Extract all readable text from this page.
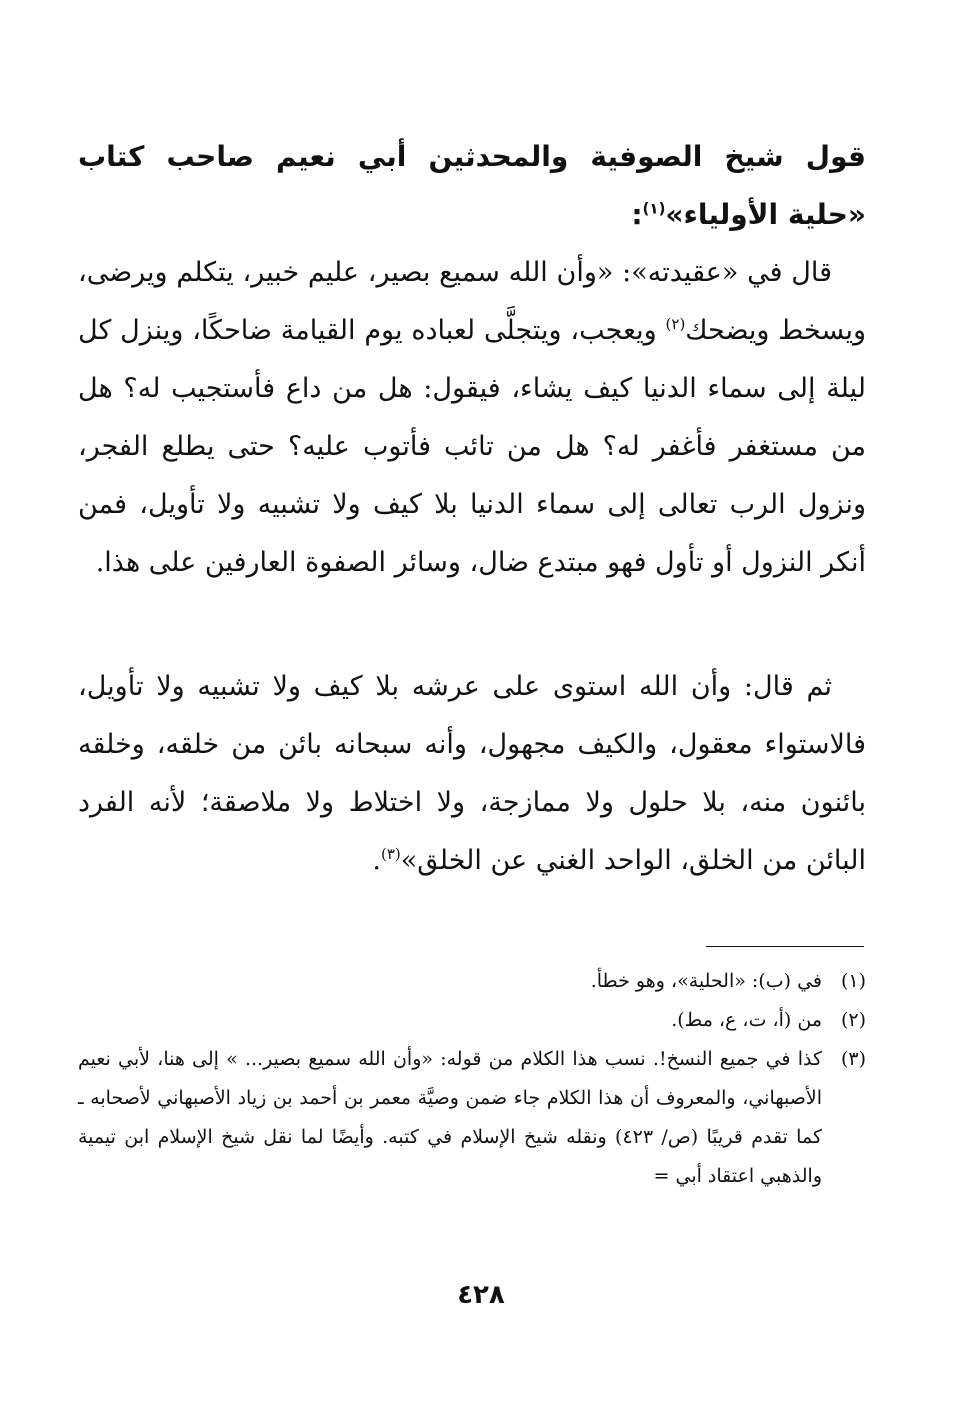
قول شيخ الصوفية والمحدثين أبي نعيم صاحب كتاب «حلية الأولياء»$^{(١)}$:
قال في «عقيدته»: «وأن الله سميع بصير، عليم خبير، يتكلم ويرضى، ويسخط ويضحك$^{(٢)}$ ويعجب، ويتجلَّى لعباده يوم القيامة ضاحكًا، وينزل كل ليلة إلى سماء الدنيا كيف يشاء، فيقول: هل من داع فأستجيب له؟ هل من مستغفر فأغفر له؟ هل من تائب فأتوب عليه؟ حتى يطلع الفجر، ونزول الرب تعالى إلى سماء الدنيا بلا كيف ولا تشبيه ولا تأويل، فمن أنكر النزول أو تأول فهو مبتدع ضال، وسائر الصفوة العارفين على هذا.
ثم قال: وأن الله استوى على عرشه بلا كيف ولا تشبيه ولا تأويل، فالاستواء معقول، والكيف مجهول، وأنه سبحانه بائن من خلقه، وخلقه بائنون منه، بلا حلول ولا ممازجة، ولا اختلاط ولا ملاصقة؛ لأنه الفرد البائن من الخلق، الواحد الغني عن الخلق»$^{(٣)}$.
(١)
في (ب): «الحلية»، وهو خطأ.
(٢)
من (أ، ت، ع، مط).
(٣)
كذا في جميع النسخ!. نسب هذا الكلام من قوله: «وأن الله سميع بصير... » إلى هنا، لأبي نعيم الأصبهاني، والمعروف أن هذا الكلام جاء ضمن وصيَّة معمر بن أحمد بن زياد الأصبهاني لأصحابه ـ كما تقدم قريبًا (ص/ ٤٢٣) ونقله شيخ الإسلام في كتبه. وأيضًا لما نقل شيخ الإسلام ابن تيمية والذهبي اعتقاد أبي =
٤٢٨
